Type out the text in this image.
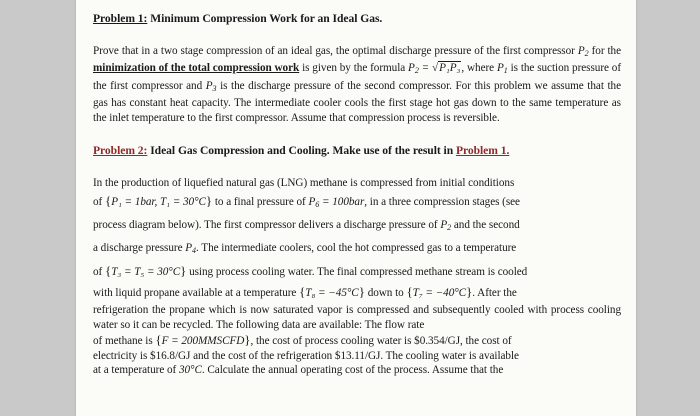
Problem 1: Minimum Compression Work for an Ideal Gas.
Prove that in a two stage compression of an ideal gas, the optimal discharge pressure of the first compressor $P_2$ for the minimization of the total compression work is given by the formula $P_2 = √P_1P_3$, where $P_1$ is the suction pressure of the first compressor and $P_3$ is the discharge pressure of the second compressor. For this problem we assume that the gas has constant heat capacity. The intermediate cooler cools the first stage hot gas down to the same temperature as the inlet temperature to the first compressor. Assume that compression process is reversible.
Problem 2: Ideal Gas Compression and Cooling. Make use of the result in Problem 1.
In the production of liquefied natural gas (LNG) methane is compressed from initial conditions
of {P₁ = 1bar, T₁ = 30°C} to a final pressure of $P_6 = 100bar$, in a three compression stages (see
process diagram below). The first compressor delivers a discharge pressure of $P_2$ and the second
a discharge pressure $P_4$. The intermediate coolers, cool the hot compressed gas to a temperature
of {T₃ = T₅ = 30°C} using process cooling water. The final compressed methane stream is cooled
with liquid propane available at a temperature {T₈ = −45°C} down to {T₇ = −40°C}. After the
refrigeration the propane which is now saturated vapor is compressed and subsequently cooled with process cooling water so it can be recycled. The following data are available: The flow rate
of methane is {F = 200MMSCFD}, the cost of process cooling water is $0.354/GJ, the cost of
electricity is $16.8/GJ and the cost of the refrigeration $13.11/GJ. The cooling water is available
at a temperature of 30°C. Calculate the annual operating cost of the process. Assume that the
